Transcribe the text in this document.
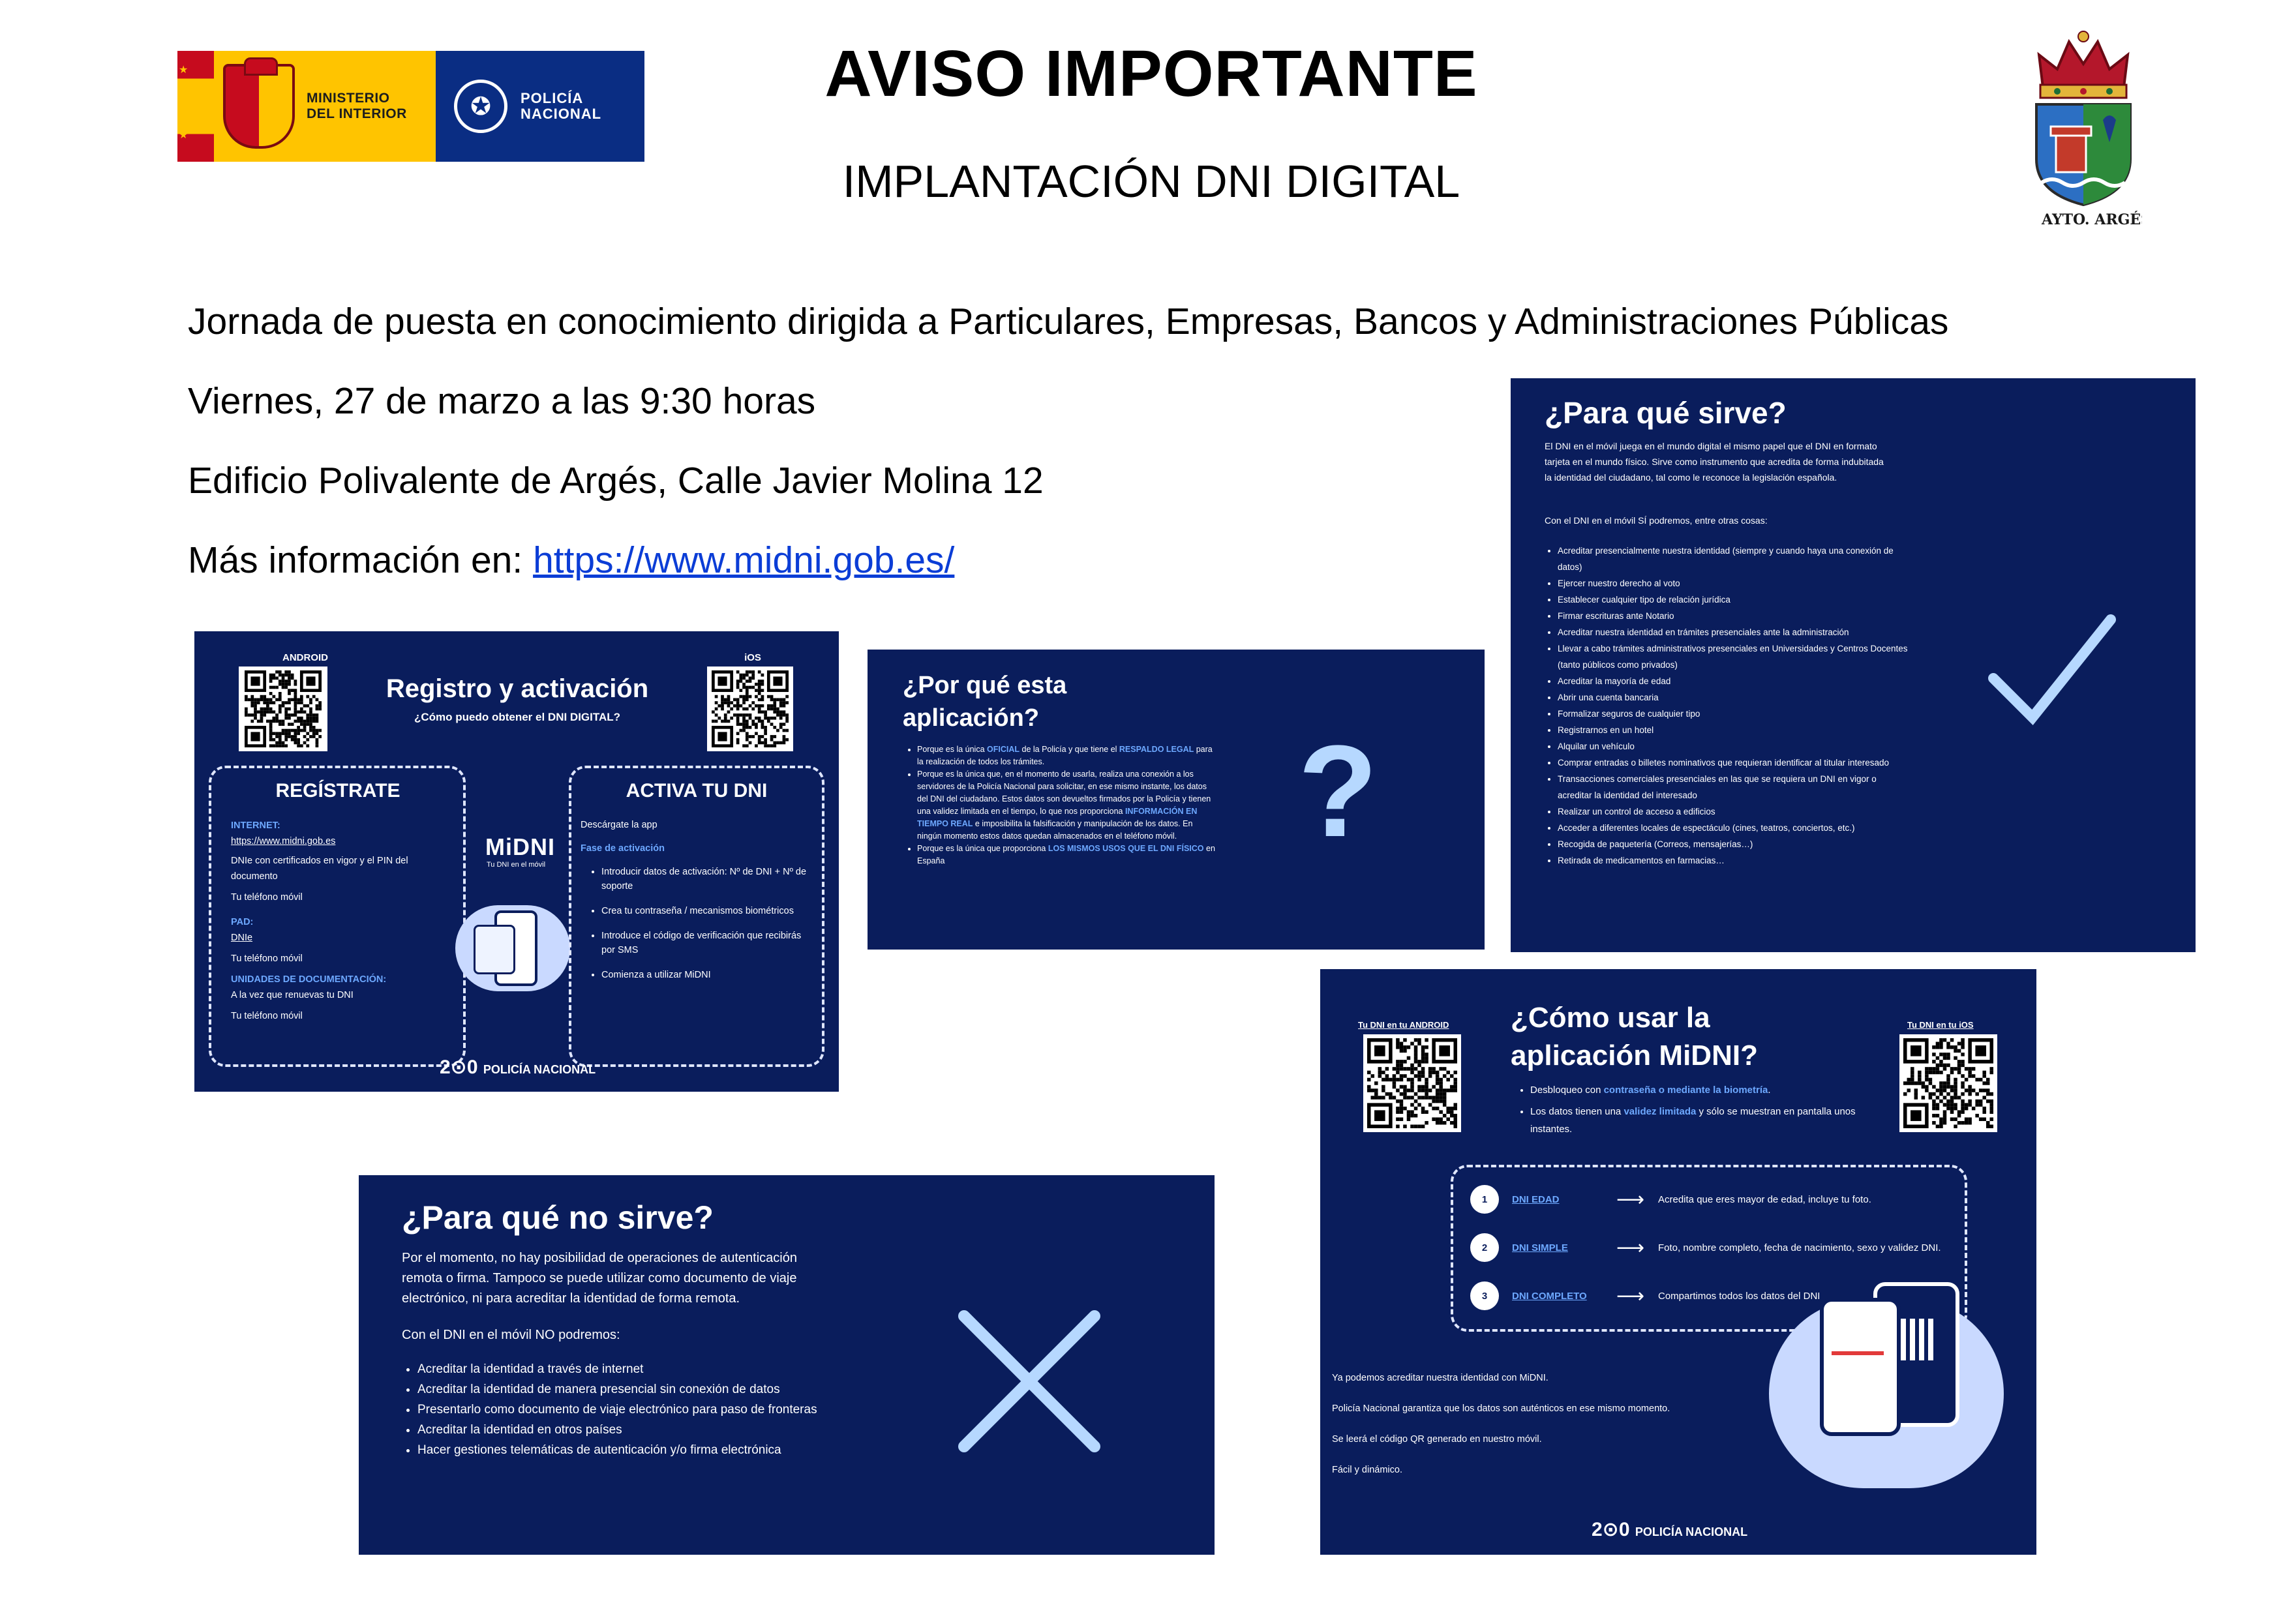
★
★

★
★
MINISTERIO
DEL INTERIOR	✪	POLICÍA
NACIONAL
AVISO IMPORTANTE
IMPLANTACIÓN DNI DIGITAL
AYTO. ARGÉS
Jornada de puesta en conocimiento dirigida a Particulares, Empresas, Bancos y Administraciones Públicas
Viernes, 27 de marzo a las 9:30 horas
Edificio Polivalente de Argés, Calle Javier Molina 12
Más información en: https://www.midni.gob.es/
ANDROID	iOS
Registro y activación
¿Cómo puedo obtener el DNI DIGITAL?
REGÍSTRATE
INTERNET:
https://www.midni.gob.es
DNIe con certificados en vigor y el PIN del documento
Tu teléfono móvil
PAD:
DNIe
Tu teléfono móvil
UNIDADES DE DOCUMENTACIÓN:
A la vez que renuevas tu DNI
Tu teléfono móvil
MiDNI
Tu DNI en el móvil
ACTIVA TU DNI
Descárgate la app
Fase de activación
• Introducir datos de activación: Nº de DNI + Nº de soporte
• Crea tu contraseña / mecanismos biométricos
• Introduce el código de verificación que recibirás por SMS
• Comienza a utilizar MiDNI
2⊙0 POLICÍA NACIONAL
¿Por qué esta
aplicación?
• Porque es la única OFICIAL de la Policía y que tiene el RESPALDO LEGAL para la realización de todos los trámites.
• Porque es la única que, en el momento de usarla, realiza una conexión a los servidores de la Policía Nacional para solicitar, en ese mismo instante, los datos del DNI del ciudadano. Estos datos son devueltos firmados por la Policía y tienen una validez limitada en el tiempo, lo que nos proporciona INFORMACIÓN EN TIEMPO REAL e imposibilita la falsificación y manipulación de los datos. En ningún momento estos datos quedan almacenados en el teléfono móvil.
• Porque es la única que proporciona LOS MISMOS USOS QUE EL DNI FÍSICO en España	?
¿Para qué sirve?
El DNI en el móvil juega en el mundo digital el mismo papel que el DNI en formato tarjeta en el mundo físico. Sirve como instrumento que acredita de forma indubitada la identidad del ciudadano, tal como le reconoce la legislación española.
Con el DNI en el móvil SÍ podremos, entre otras cosas:
• Acreditar presencialmente nuestra identidad (siempre y cuando haya una conexión de datos)
• Ejercer nuestro derecho al voto
• Establecer cualquier tipo de relación jurídica
• Firmar escrituras ante Notario
• Acreditar nuestra identidad en trámites presenciales ante la administración
• Llevar a cabo trámites administrativos presenciales en Universidades y Centros Docentes (tanto públicos como privados)
• Acreditar la mayoría de edad
• Abrir una cuenta bancaria
• Formalizar seguros de cualquier tipo
• Registrarnos en un hotel
• Alquilar un vehículo
• Comprar entradas o billetes nominativos que requieran identificar al titular interesado
• Transacciones comerciales presenciales en las que se requiera un DNI en vigor o acreditar la identidad del interesado
• Realizar un control de acceso a edificios
• Acceder a diferentes locales de espectáculo (cines, teatros, conciertos, etc.)
• Recogida de paquetería (Correos, mensajerías…)
• Retirada de medicamentos en farmacias…
¿Para qué no sirve?
Por el momento, no hay posibilidad de operaciones de autenticación remota o firma. Tampoco se puede utilizar como documento de viaje electrónico, ni para acreditar la identidad de forma remota.
Con el DNI en el móvil NO podremos:
• Acreditar la identidad a través de internet
• Acreditar la identidad de manera presencial sin conexión de datos
• Presentarlo como documento de viaje electrónico para paso de fronteras
• Acreditar la identidad en otros países
• Hacer gestiones telemáticas de autenticación y/o firma electrónica
Tu DNI en tu ANDROID	Tu DNI en tu iOS
¿Cómo usar la
aplicación MiDNI?
• Desbloqueo con contraseña o mediante la biometría.
• Los datos tienen una validez limitada y sólo se muestran en pantalla unos instantes.
1	DNI EDAD	⟶	Acredita que eres mayor de edad, incluye tu foto.
2	DNI SIMPLE	⟶	Foto, nombre completo, fecha de nacimiento, sexo y validez DNI.
3	DNI COMPLETO	⟶	Compartimos todos los datos del DNI
Ya podemos acreditar nuestra identidad con MiDNI.
Policía Nacional garantiza que los datos son auténticos en ese mismo momento.
Se leerá el código QR generado en nuestro móvil.
Fácil y dinámico.
2⊙0 POLICÍA NACIONAL
